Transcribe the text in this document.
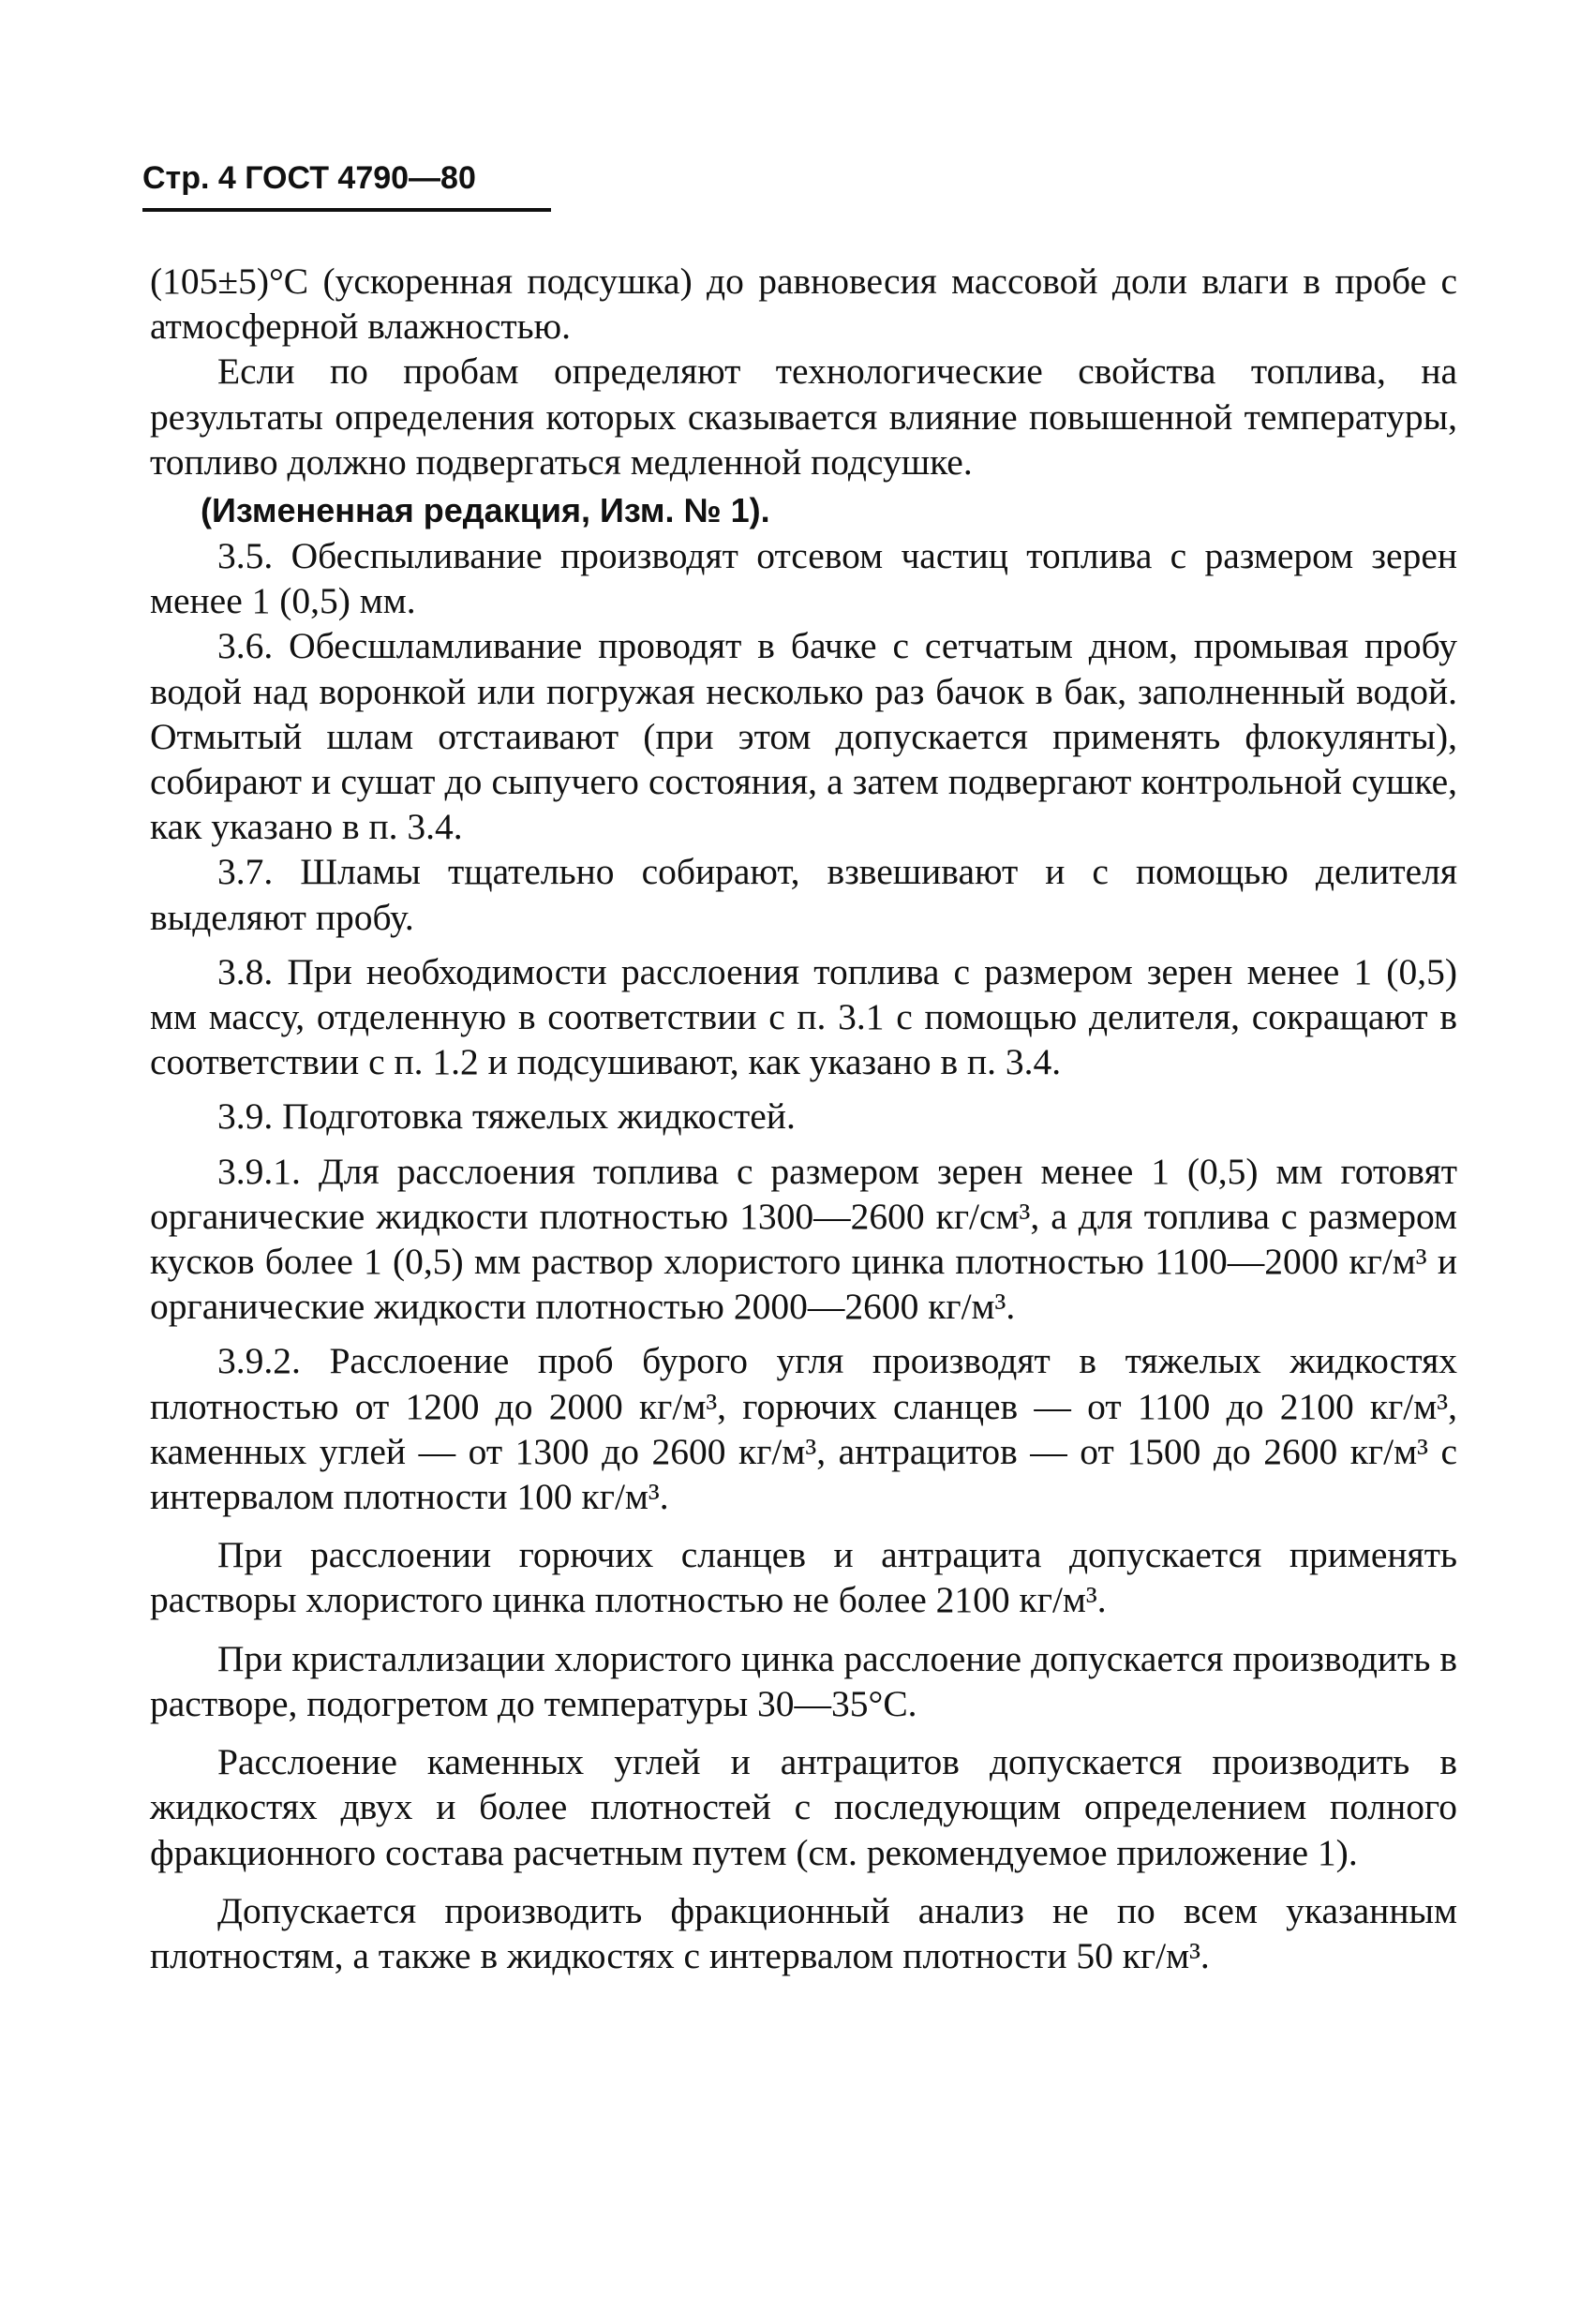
Стр. 4 ГОСТ 4790—80

(105±5)°С (ускоренная подсушка) до равновесия массовой доли влаги в пробе с атмосферной влажностью.

Если по пробам определяют технологические свойства топлива, на результаты определения которых сказывается влияние повышенной температуры, топливо должно подвергаться медленной подсушке.

(Измененная редакция, Изм. № 1).

3.5. Обеспыливание производят отсевом частиц топлива с размером зерен менее 1 (0,5) мм.

3.6. Обесшламливание проводят в бачке с сетчатым дном, промывая пробу водой над воронкой или погружая несколько раз бачок в бак, заполненный водой. Отмытый шлам отстаивают (при этом допускается применять флокулянты), собирают и сушат до сыпучего состояния, а затем подвергают контрольной сушке, как указано в п. 3.4.

3.7. Шламы тщательно собирают, взвешивают и с помощью делителя выделяют пробу.

3.8. При необходимости расслоения топлива с размером зерен менее 1 (0,5) мм массу, отделенную в соответствии с п. 3.1 с помощью делителя, сокращают в соответствии с п. 1.2 и подсушивают, как указано в п. 3.4.

3.9. Подготовка тяжелых жидкостей.

3.9.1. Для расслоения топлива с размером зерен менее 1 (0,5) мм готовят органические жидкости плотностью 1300—2600 кг/см³, а для топлива с размером кусков более 1 (0,5) мм раствор хлористого цинка плотностью 1100—2000 кг/м³ и органические жидкости плотностью 2000—2600 кг/м³.

3.9.2. Расслоение проб бурого угля производят в тяжелых жидкостях плотностью от 1200 до 2000 кг/м³, горючих сланцев — от 1100 до 2100 кг/м³, каменных углей — от 1300 до 2600 кг/м³, антрацитов — от 1500 до 2600 кг/м³ с интервалом плотности 100 кг/м³.

При расслоении горючих сланцев и антрацита допускается применять растворы хлористого цинка плотностью не более 2100 кг/м³.

При кристаллизации хлористого цинка расслоение допускается производить в растворе, подогретом до температуры 30—35°С.

Расслоение каменных углей и антрацитов допускается производить в жидкостях двух и более плотностей с последующим определением полного фракционного состава расчетным путем (см. рекомендуемое приложение 1).

Допускается производить фракционный анализ не по всем указанным плотностям, а также в жидкостях с интервалом плотности 50 кг/м³.
